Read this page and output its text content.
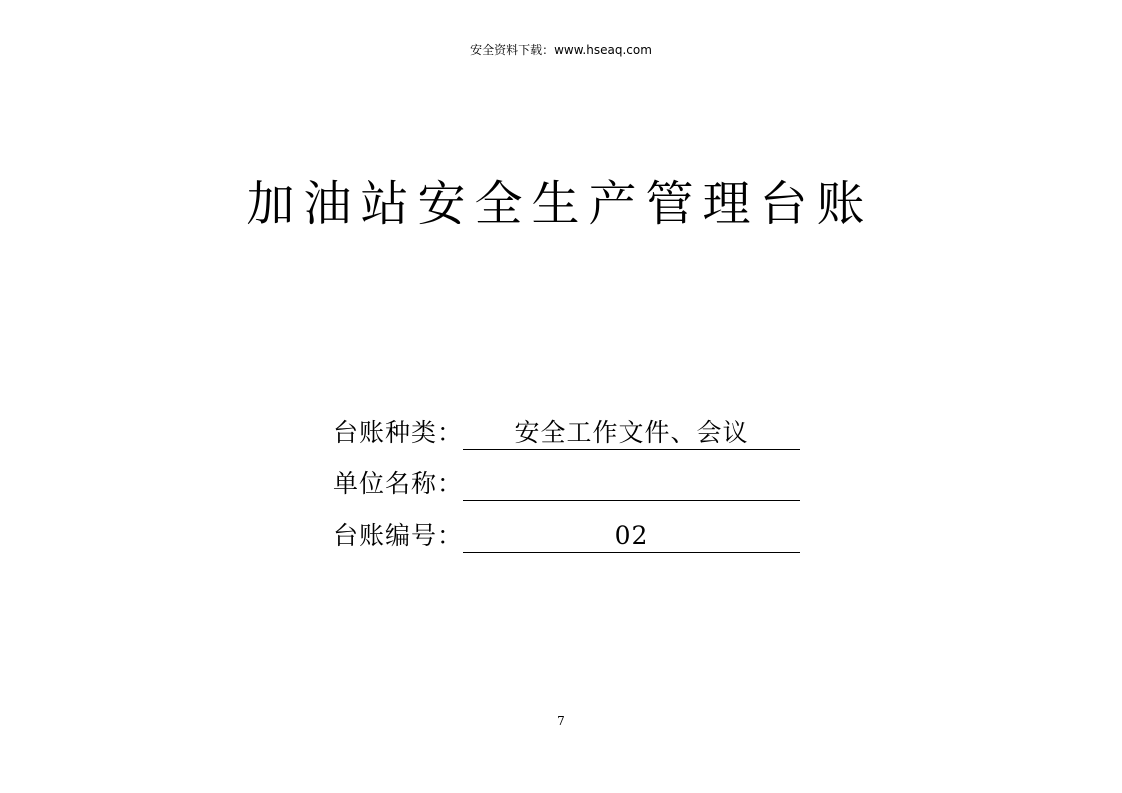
安全资料下载：www.hseaq.com
加油站安全生产管理台账
台账种类：	安全工作文件、会议
单位名称：
台账编号：	02
7
